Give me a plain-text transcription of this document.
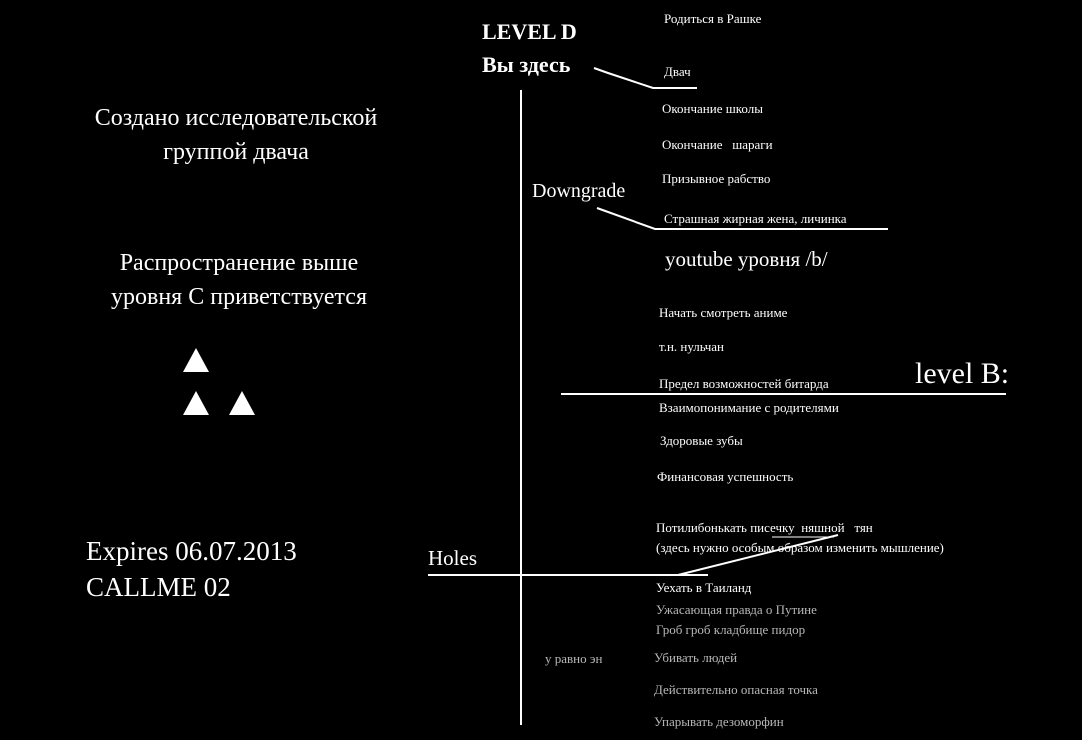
Создано исследовательской
группой двача
Распространение выше
уровня С приветствуется
Expires 06.07.2013
CALLME 02
LEVEL D
Вы здесь
Downgrade
level B:
Holes
у равно эн
Родиться в Рашке
Двач
Окончание школы
Окончание   шараги
Призывное рабство
Страшная жирная жена, личинка
youtube уровня /b/
Начать смотреть аниме
т.н. нульчан
Предел возможностей битарда
Взаимопонимание с родителями
Здоровые зубы
Финансовая успешность
Потилибонькать писечку няшной тян
(здесь нужно особым образом изменить мышление)
Уехать в Таиланд
Ужасающая правда о Путине
Гроб гроб кладбище пидор
Убивать людей
Действительно опасная точка
Упарывать дезоморфин
